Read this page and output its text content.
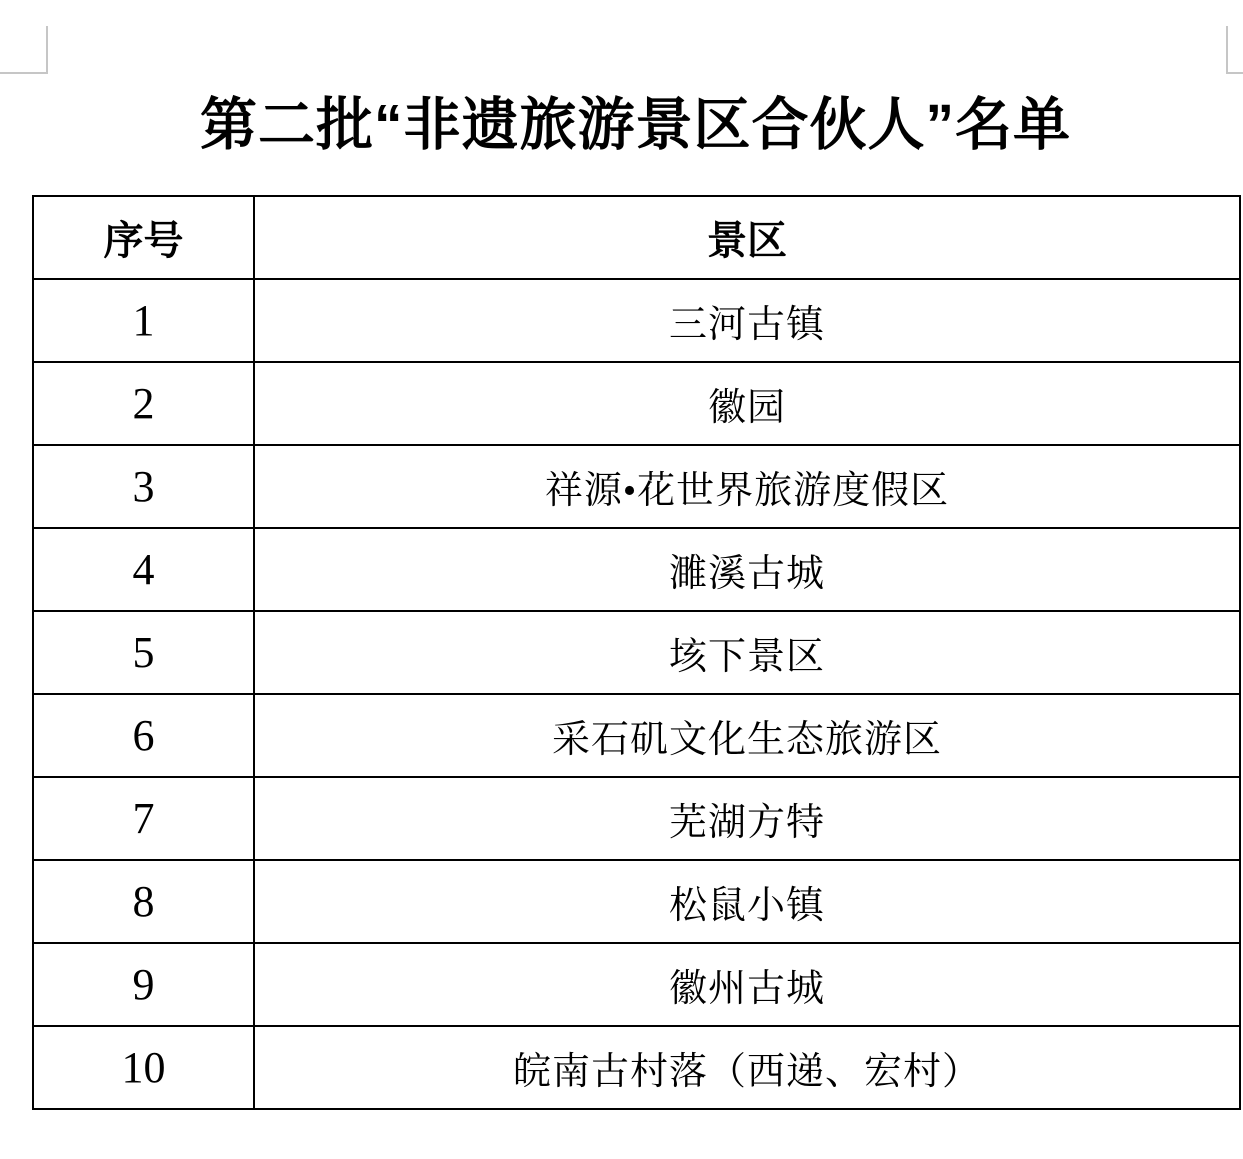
第二批“非遗旅游景区合伙人”名单
序号	景区
1	三河古镇
2	徽园
3	祥源•花世界旅游度假区
4	濉溪古城
5	垓下景区
6	采石矶文化生态旅游区
7	芜湖方特
8	松鼠小镇
9	徽州古城
10	皖南古村落（西递、宏村）
